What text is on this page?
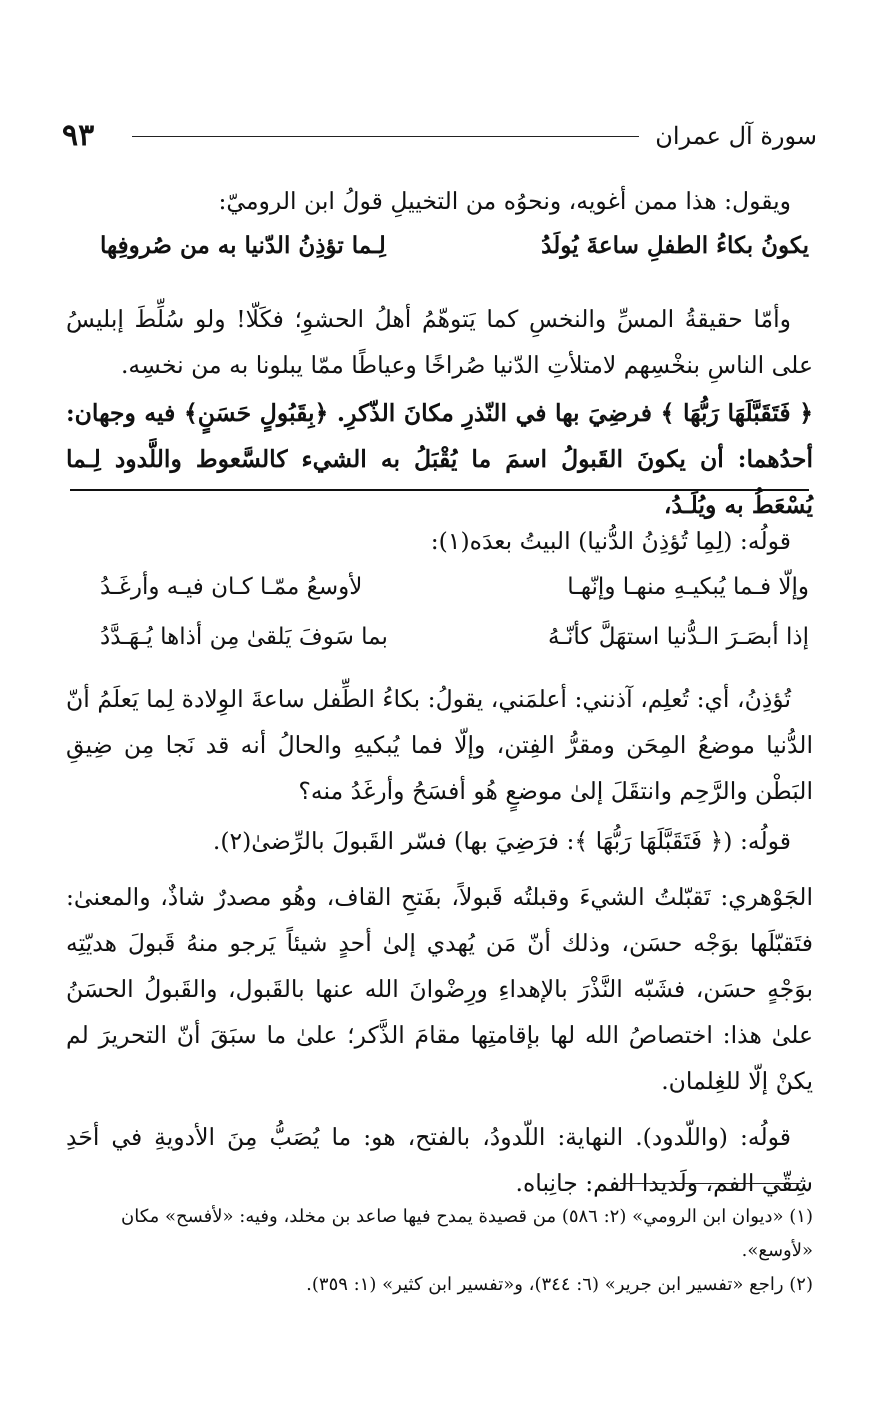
سورة آل عمران
٩٣

ويقول: هذا ممن أغويه، ونحوُه من التخييلِ قولُ ابن الروميّ:

يكونُ بكاءُ الطفلِ ساعةَ يُولَدُ
لِـما تؤذِنُ الدّنيا به من صُروفِها

وأمّا حقيقةُ المسِّ والنخسِ كما يَتوهّمُ أهلُ الحشوِ؛ فكَلّا! ولو سُلِّطَ إبليسُ على الناسِ بنخْسِهم لامتلأتِ الدّنيا صُراخًا وعياطًا ممّا يبلونا به من نخسِه.

﴿ فَتَقَبَّلَهَا رَبُّهَا ﴾ فرضِيَ بها في النّذرِ مكانَ الذّكرِ. ﴿بِقَبُولٍ حَسَنٍ﴾ فيه وجهان: أحدُهما: أن يكونَ القَبولُ اسمَ ما يُقْبَلُ به الشيء كالسَّعوط واللَّدود لِـما يُسْعَطُ به ويُلَـدُ،

قولُه: (لِمِا تُؤذِنُ الدُّنيا) البيتُ بعدَه(١):

وإلّا فـما يُبكيـهِ منهـا وإنّهـا
لأوسعُ ممّـا كـان فيـه وأرغَـدُ
إذا أبصَـرَ الـدُّنيا استهَلَّ كأنّـهُ
بما سَوفَ يَلقىٰ مِن أذاها يُـهَـدَّدُ

تُؤذِنُ، أي: تُعلِم، آذنني: أعلمَني، يقولُ: بكاءُ الطِّفل ساعةَ الوِلادة لِما يَعلَمُ أنّ الدُّنيا موضعُ المِحَن ومقرُّ الفِتن، وإلّا فما يُبكيهِ والحالُ أنه قد نَجا مِن ضِيقِ البَطْن والرَّحِم وانتقَلَ إلىٰ موضعٍ هُو أفسَحُ وأرغَدُ منه؟

قولُه: (﴿ فَتَقَبَّلَهَا رَبُّهَا ﴾: فرَضِيَ بها) فسّر القَبولَ بالرِّضىٰ(٢).

الجَوْهري: تَقبّلتُ الشيءَ وقبلتُه قَبولاً، بفَتحِ القاف، وهُو مصدرٌ شاذٌ، والمعنىٰ: فتَقبّلَها بوَجْه حسَن، وذلك أنّ مَن يُهدي إلىٰ أحدٍ شيئاً يَرجو منهُ قَبولَ هديّتِه بوَجْهٍ حسَن، فشَبّه النَّذْرَ بالإهداءِ ورِضْوانَ الله عنها بالقَبول، والقَبولُ الحسَنُ علىٰ هذا: اختصاصُ الله لها بإقامتِها مقامَ الذَّكر؛ علىٰ ما سبَقَ أنّ التحريرَ لم يكنْ إلّا للغِلمان.

قولُه: (واللّدود). النهاية: اللّدودُ، بالفتح، هو: ما يُصَبُّ مِنَ الأدويةِ في أحَدِ شِقّي الفم، ولَديدا الفم: جانِباه.

(١) «ديوان ابن الرومي» (٢: ٥٨٦) من قصيدة يمدح فيها صاعد بن مخلد، وفيه: «لأفسح» مكان «لأوسع».
(٢) راجع «تفسير ابن جرير» (٦: ٣٤٤)، و«تفسير ابن كثير» (١: ٣٥٩).
